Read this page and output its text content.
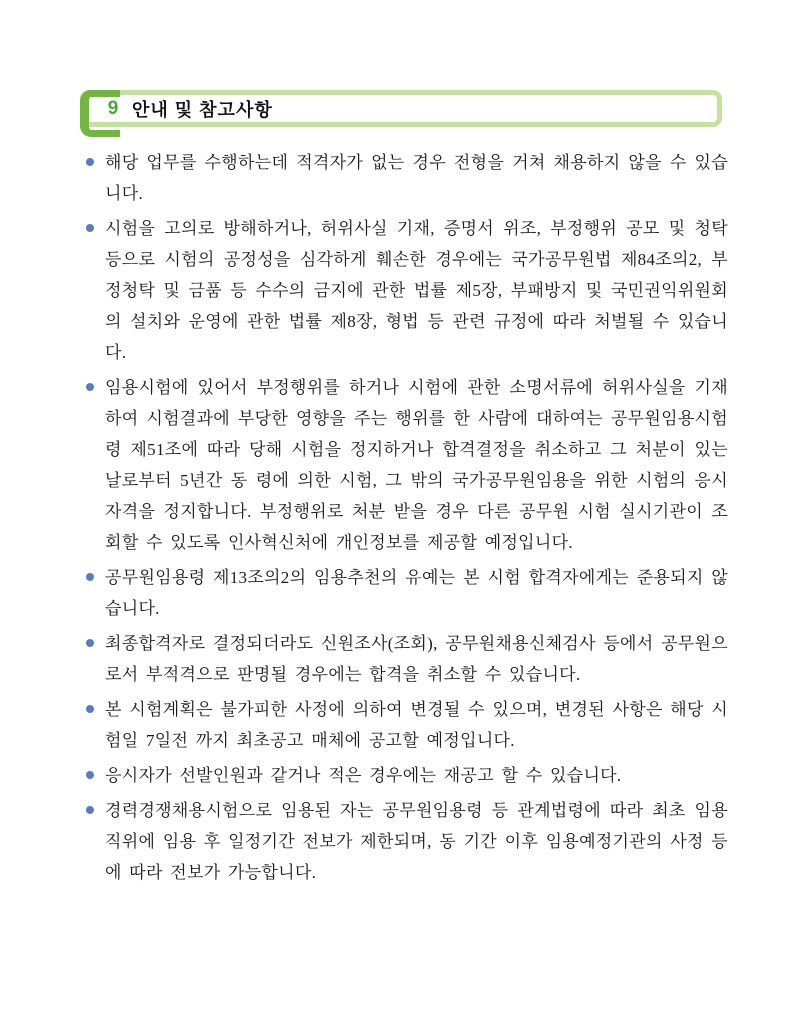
9 안내 및 참고사항
해당 업무를 수행하는데 적격자가 없는 경우 전형을 거쳐 채용하지 않을 수 있습니다.
시험을 고의로 방해하거나, 허위사실 기재, 증명서 위조, 부정행위 공모 및 청탁 등으로 시험의 공정성을 심각하게 훼손한 경우에는 국가공무원법 제84조의2, 부정청탁 및 금품 등 수수의 금지에 관한 법률 제5장, 부패방지 및 국민권익위원회의 설치와 운영에 관한 법률 제8장, 형법 등 관련 규정에 따라 처벌될 수 있습니다.
임용시험에 있어서 부정행위를 하거나 시험에 관한 소명서류에 허위사실을 기재하여 시험결과에 부당한 영향을 주는 행위를 한 사람에 대하여는 공무원임용시험령 제51조에 따라 당해 시험을 정지하거나 합격결정을 취소하고 그 처분이 있는 날로부터 5년간 동 령에 의한 시험, 그 밖의 국가공무원임용을 위한 시험의 응시 자격을 정지합니다. 부정행위로 처분 받을 경우 다른 공무원 시험 실시기관이 조회할 수 있도록 인사혁신처에 개인정보를 제공할 예정입니다.
공무원임용령 제13조의2의 임용추천의 유예는 본 시험 합격자에게는 준용되지 않습니다.
최종합격자로 결정되더라도 신원조사(조회), 공무원채용신체검사 등에서 공무원으로서 부적격으로 판명될 경우에는 합격을 취소할 수 있습니다.
본 시험계획은 불가피한 사정에 의하여 변경될 수 있으며, 변경된 사항은 해당 시험일 7일전 까지 최초공고 매체에 공고할 예정입니다.
응시자가 선발인원과 같거나 적은 경우에는 재공고 할 수 있습니다.
경력경쟁채용시험으로 임용된 자는 공무원임용령 등 관계법령에 따라 최초 임용 직위에 임용 후 일정기간 전보가 제한되며, 동 기간 이후 임용예정기관의 사정 등에 따라 전보가 가능합니다.
